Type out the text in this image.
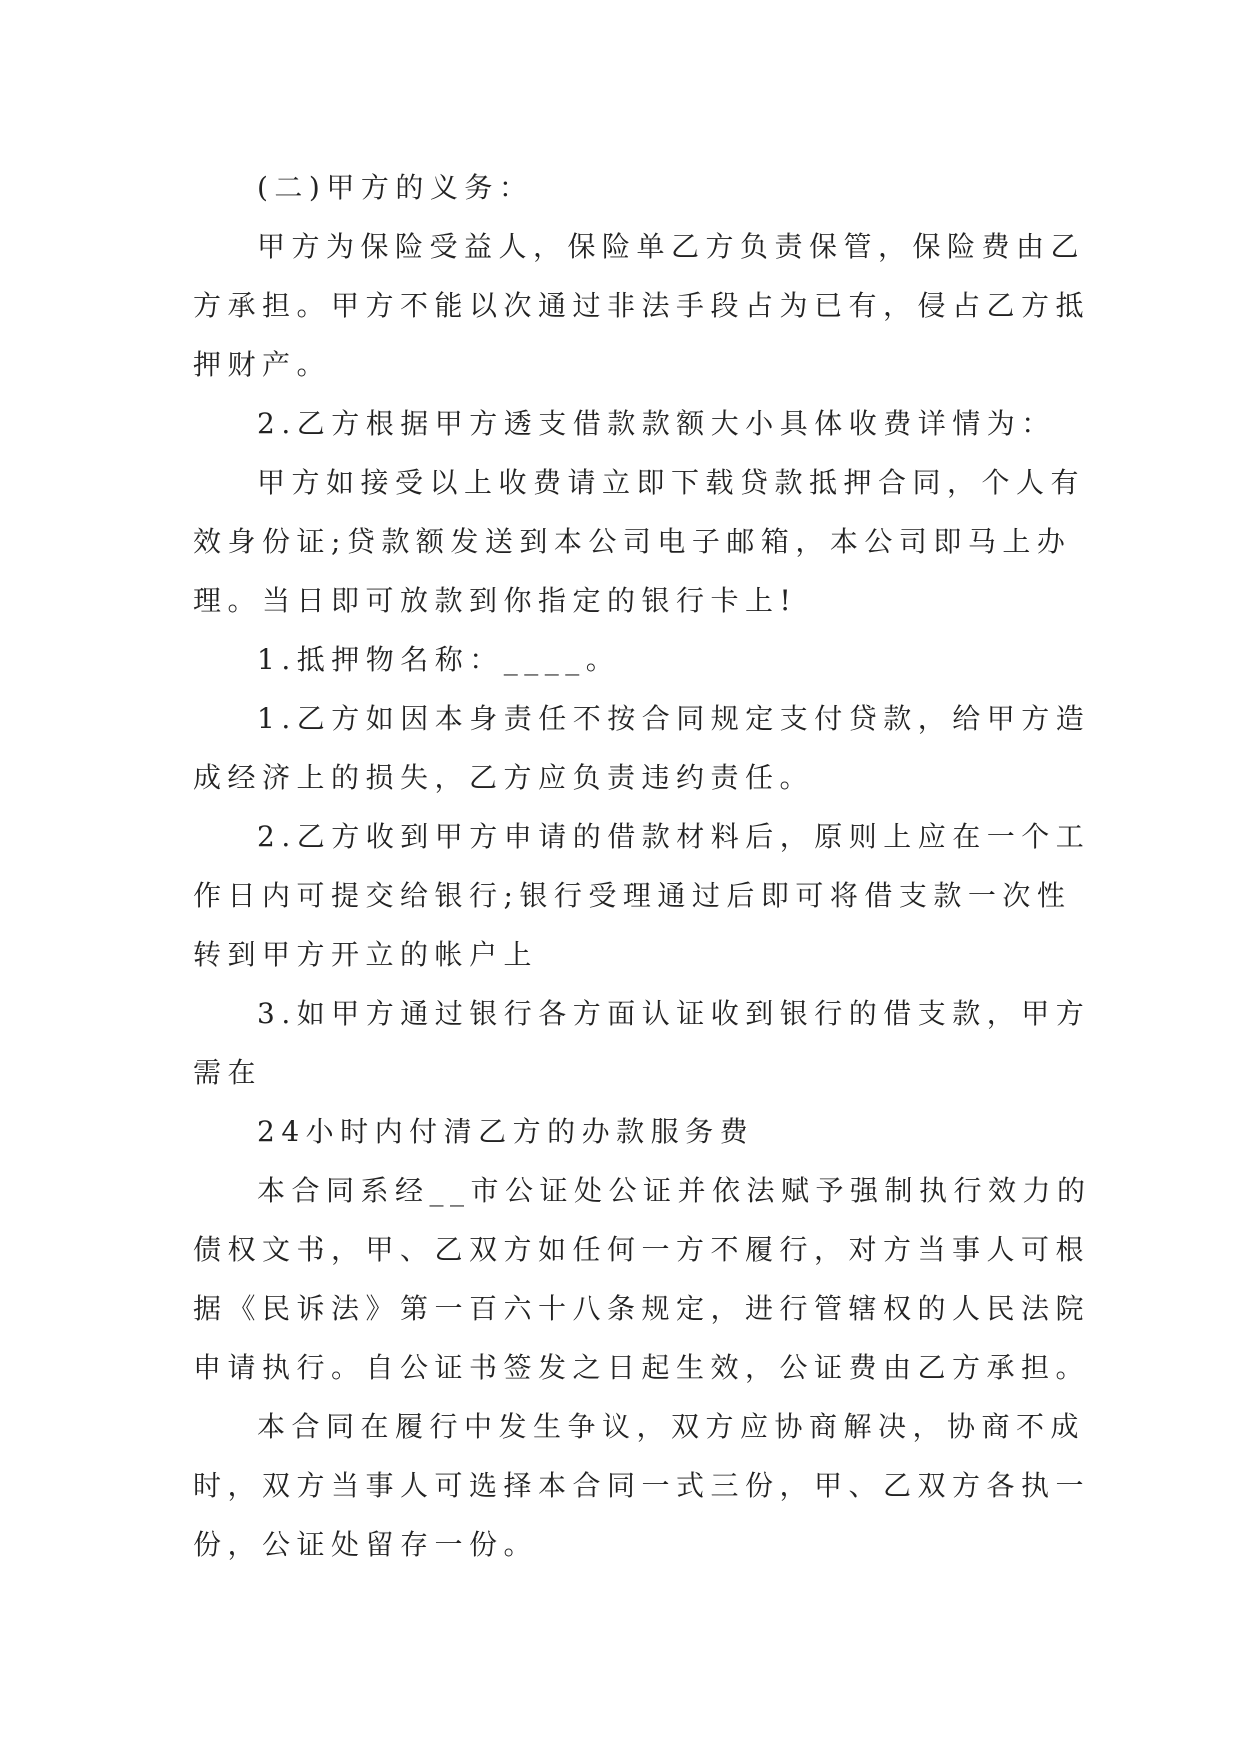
(二)甲方的义务：

甲方为保险受益人，保险单乙方负责保管，保险费由乙
方承担。甲方不能以次通过非法手段占为已有，侵占乙方抵
押财产。

2.乙方根据甲方透支借款款额大小具体收费详情为：

甲方如接受以上收费请立即下载贷款抵押合同，个人有
效身份证;贷款额发送到本公司电子邮箱，本公司即马上办
理。当日即可放款到你指定的银行卡上!

1.抵押物名称：____。

1.乙方如因本身责任不按合同规定支付贷款，给甲方造
成经济上的损失，乙方应负责违约责任。

2.乙方收到甲方申请的借款材料后，原则上应在一个工
作日内可提交给银行;银行受理通过后即可将借支款一次性
转到甲方开立的帐户上

3.如甲方通过银行各方面认证收到银行的借支款，甲方
需在

24小时内付清乙方的办款服务费

本合同系经__市公证处公证并依法赋予强制执行效力的
债权文书，甲、乙双方如任何一方不履行，对方当事人可根
据《民诉法》第一百六十八条规定，进行管辖权的人民法院
申请执行。自公证书签发之日起生效，公证费由乙方承担。

本合同在履行中发生争议，双方应协商解决，协商不成
时，双方当事人可选择本合同一式三份，甲、乙双方各执一
份，公证处留存一份。
